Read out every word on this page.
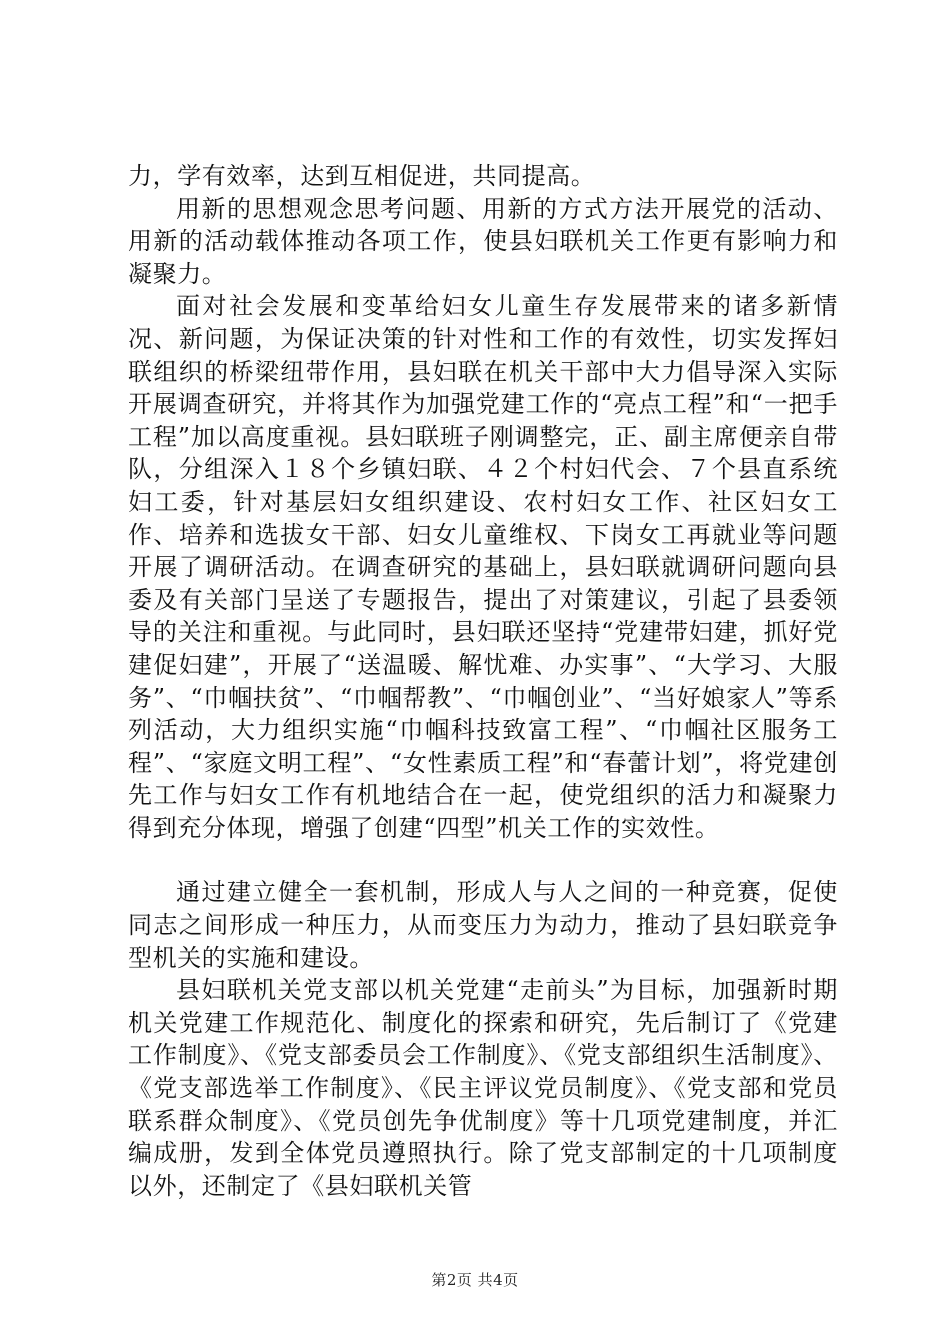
力，学有效率，达到互相促进，共同提高。

用新的思想观念思考问题、用新的方式方法开展党的活动、用新的活动载体推动各项工作，使县妇联机关工作更有影响力和凝聚力。

面对社会发展和变革给妇女儿童生存发展带来的诸多新情况、新问题，为保证决策的针对性和工作的有效性，切实发挥妇联组织的桥梁纽带作用，县妇联在机关干部中大力倡导深入实际开展调查研究，并将其作为加强党建工作的“亮点工程”和“一把手工程”加以高度重视。县妇联班子刚调整完，正、副主席便亲自带队，分组深入１８个乡镇妇联、４２个村妇代会、７个县直系统妇工委，针对基层妇女组织建设、农村妇女工作、社区妇女工作、培养和选拔女干部、妇女儿童维权、下岗女工再就业等问题开展了调研活动。在调查研究的基础上，县妇联就调研问题向县委及有关部门呈送了专题报告，提出了对策建议，引起了县委领导的关注和重视。与此同时，县妇联还坚持“党建带妇建，抓好党建促妇建”，开展了“送温暖、解忧难、办实事”、“大学习、大服务”、“巾帼扶贫”、“巾帼帮教”、“巾帼创业”、“当好娘家人”等系列活动，大力组织实施“巾帼科技致富工程”、“巾帼社区服务工程”、“家庭文明工程”、“女性素质工程”和“春蕾计划”，将党建创先工作与妇女工作有机地结合在一起，使党组织的活力和凝聚力得到充分体现，增强了创建“四型”机关工作的实效性。

通过建立健全一套机制，形成人与人之间的一种竞赛，促使同志之间形成一种压力，从而变压力为动力，推动了县妇联竞争型机关的实施和建设。

县妇联机关党支部以机关党建“走前头”为目标，加强新时期机关党建工作规范化、制度化的探索和研究，先后制订了《党建工作制度》、《党支部委员会工作制度》、《党支部组织生活制度》、《党支部选举工作制度》、《民主评议党员制度》、《党支部和党员联系群众制度》、《党员创先争优制度》等十几项党建制度，并汇编成册，发到全体党员遵照执行。除了党支部制定的十几项制度以外，还制定了《县妇联机关管

第2页 共4页
